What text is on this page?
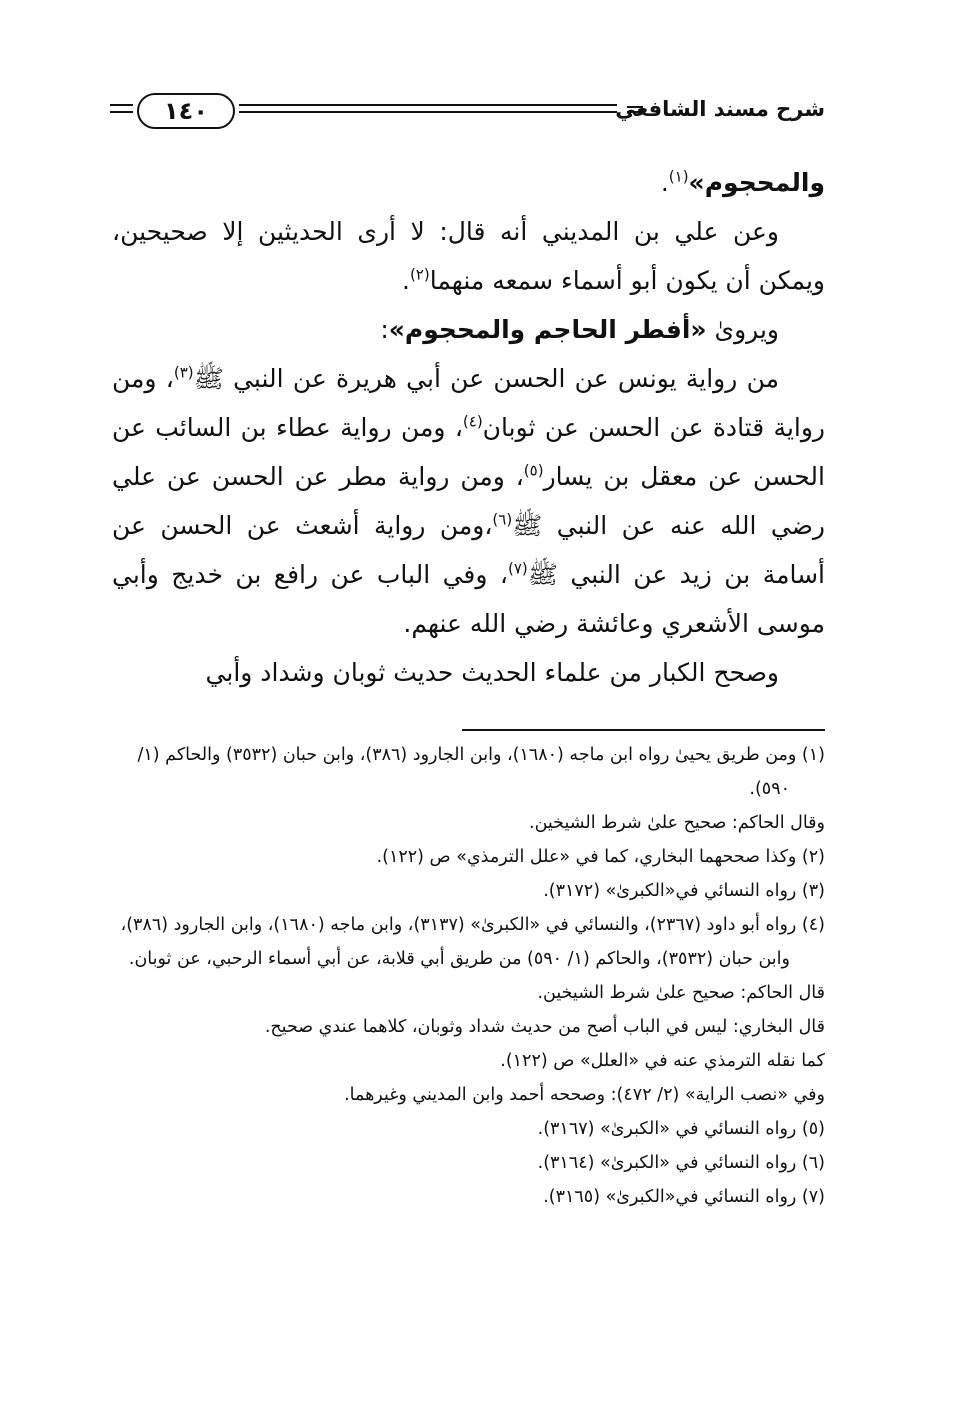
شرح مسند الشافعي
١٤٠

والمحجوم»$^{(١)}$.

وعن علي بن المديني أنه قال: لا أرى الحديثين إلا صحيحين، ويمكن أن يكون أبو أسماء سمعه منهما$^{(٢)}$.

ويروىٰ «أفطر الحاجم والمحجوم»:

من رواية يونس عن الحسن عن أبي هريرة عن النبي ﷺ$^{(٣)}$، ومن رواية قتادة عن الحسن عن ثوبان$^{(٤)}$، ومن رواية عطاء بن السائب عن الحسن عن معقل بن يسار$^{(٥)}$، ومن رواية مطر عن الحسن عن علي رضي الله عنه عن النبي ﷺ$^{(٦)}$،ومن رواية أشعث عن الحسن عن أسامة بن زيد عن النبي ﷺ$^{(٧)}$، وفي الباب عن رافع بن خديج وأبي موسى الأشعري وعائشة رضي الله عنهم.

وصحح الكبار من علماء الحديث حديث ثوبان وشداد وأبي

(١) ومن طريق يحيىٰ رواه ابن ماجه (١٦٨٠)، وابن الجارود (٣٨٦)، وابن حبان (٣٥٣٢) والحاكم (١/ ٥٩٠).

وقال الحاكم: صحيح علىٰ شرط الشيخين.

(٢) وكذا صححهما البخاري، كما في «علل الترمذي» ص (١٢٢).

(٣) رواه النسائي في«الكبرىٰ» (٣١٧٢).

(٤) رواه أبو داود (٢٣٦٧)، والنسائي في «الكبرىٰ» (٣١٣٧)، وابن ماجه (١٦٨٠)، وابن الجارود (٣٨٦)، وابن حبان (٣٥٣٢)، والحاكم (١/ ٥٩٠) من طريق أبي قلابة، عن أبي أسماء الرحبي، عن ثوبان.

قال الحاكم: صحيح علىٰ شرط الشيخين.

قال البخاري: ليس في الباب أصح من حديث شداد وثوبان، كلاهما عندي صحيح.

كما نقله الترمذي عنه في «العلل» ص (١٢٢).

وفي «نصب الراية» (٢/ ٤٧٢): وصححه أحمد وابن المديني وغيرهما.

(٥) رواه النسائي في «الكبرىٰ» (٣١٦٧).

(٦) رواه النسائي في «الكبرىٰ» (٣١٦٤).

(٧) رواه النسائي في«الكبرىٰ» (٣١٦٥).
